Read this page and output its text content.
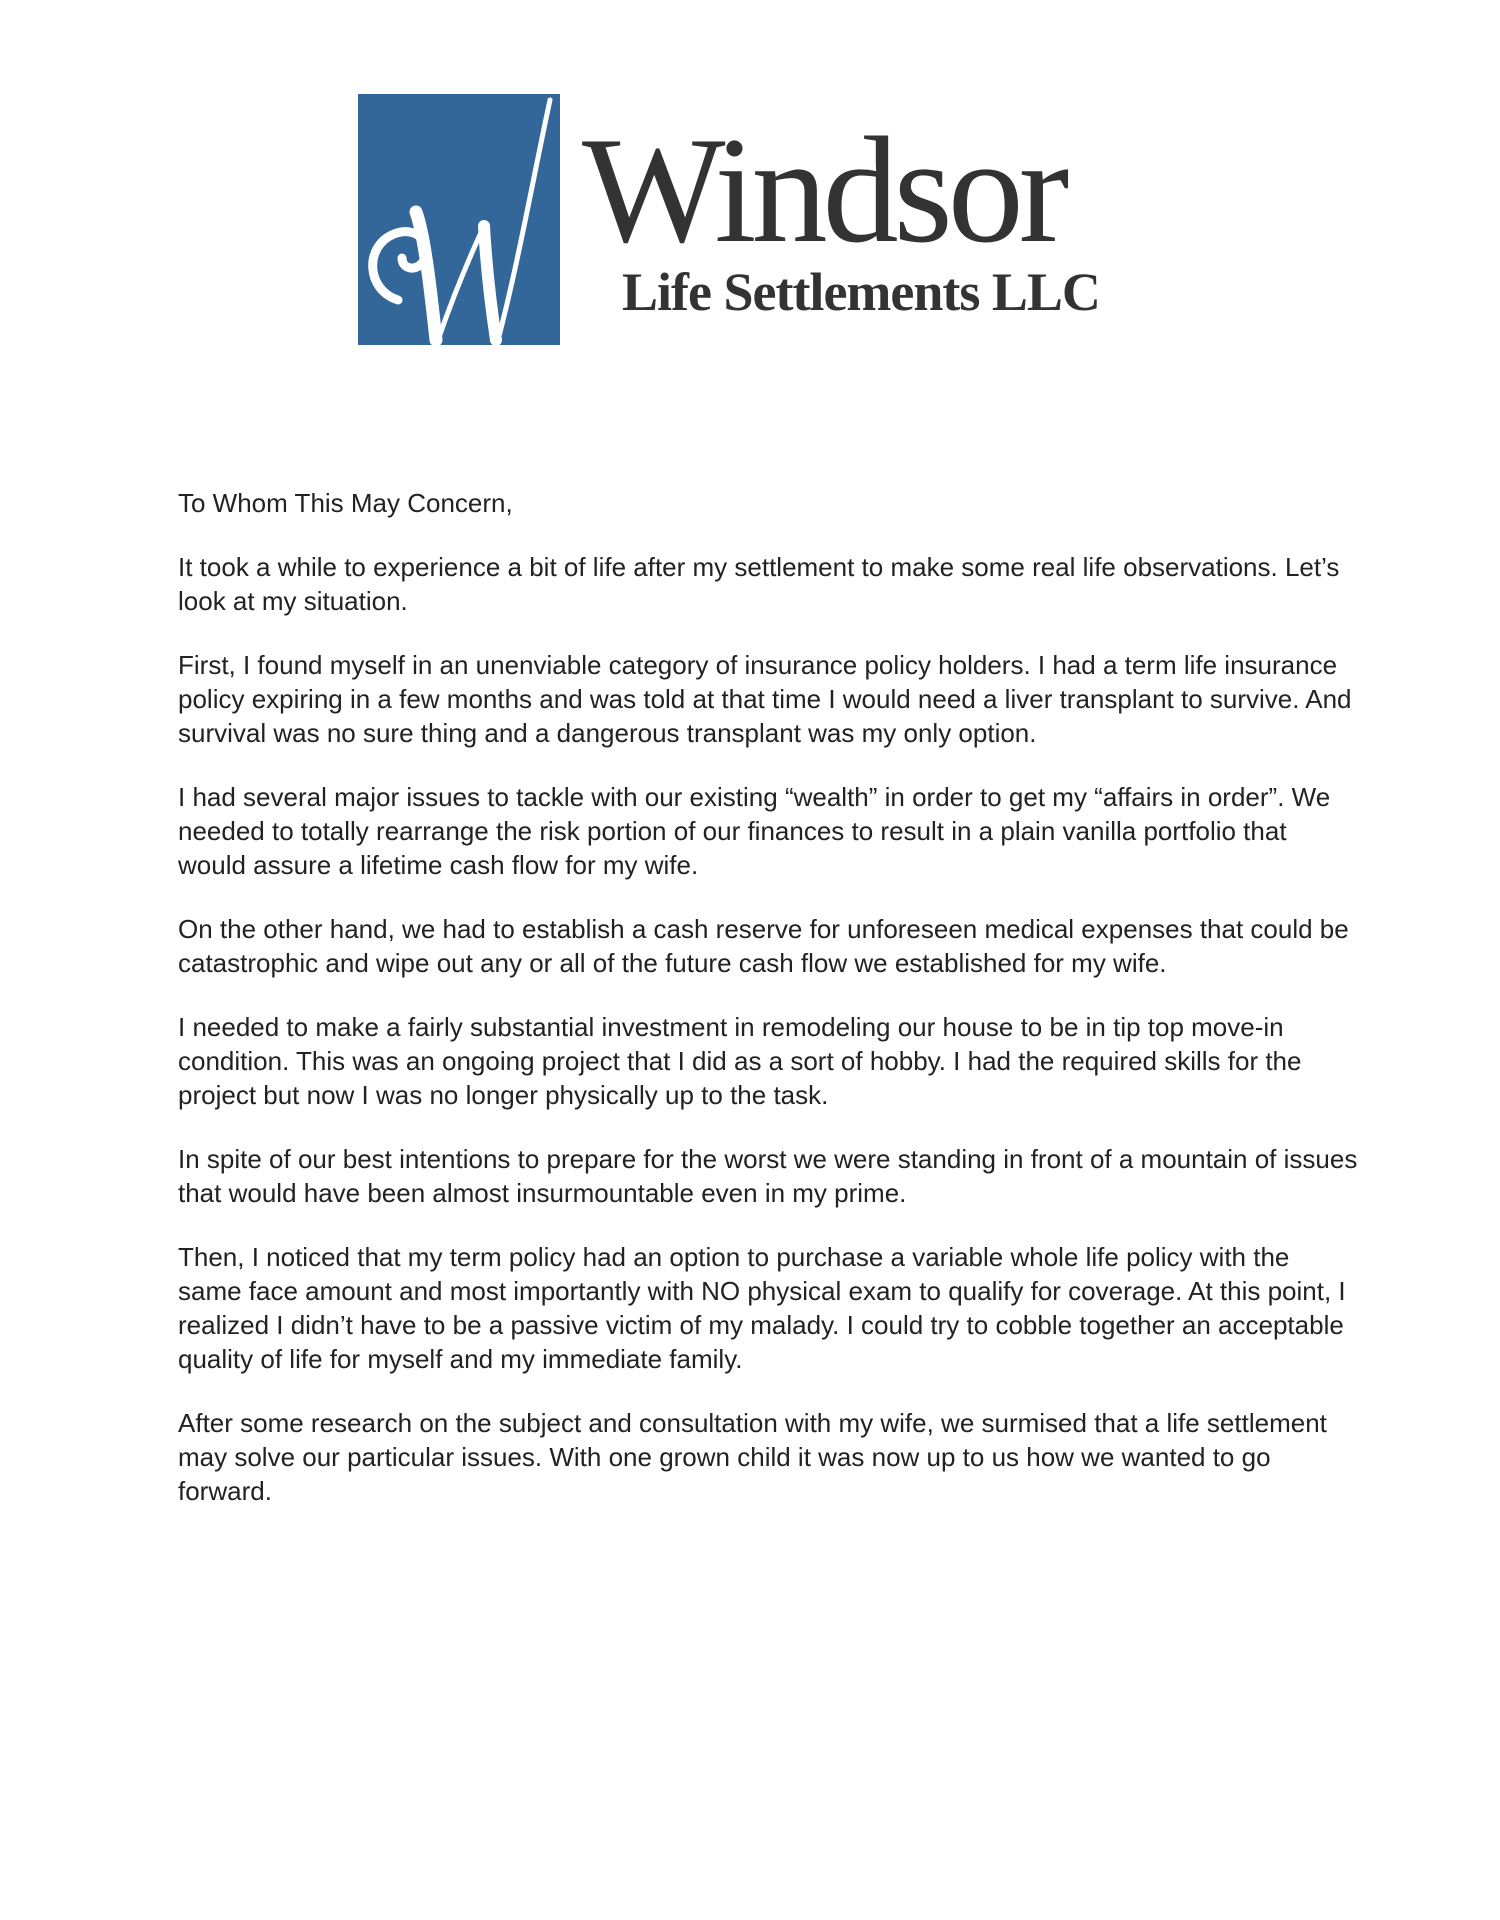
Windsor
Life Settlements LLC
To Whom This May Concern,

It took a while to experience a bit of life after my settlement to make some real life observations. Let’s look at my situation.

First, I found myself in an unenviable category of insurance policy holders. I had a term life insurance policy expiring in a few months and was told at that time I would need a liver transplant to survive. And survival was no sure thing and a dangerous transplant was my only option.

I had several major issues to tackle with our existing “wealth” in order to get my “affairs in order”. We needed to totally rearrange the risk portion of our finances to result in a plain vanilla portfolio that would assure a lifetime cash flow for my wife.

On the other hand, we had to establish a cash reserve for unforeseen medical expenses that could be catastrophic and wipe out any or all of the future cash flow we established for my wife.

I needed to make a fairly substantial investment in remodeling our house to be in tip top move-in condition. This was an ongoing project that I did as a sort of hobby. I had the required skills for the project but now I was no longer physically up to the task.

In spite of our best intentions to prepare for the worst we were standing in front of a mountain of issues that would have been almost insurmountable even in my prime.

Then, I noticed that my term policy had an option to purchase a variable whole life policy with the same face amount and most importantly with NO physical exam to qualify for coverage. At this point, I realized I didn’t have to be a passive victim of my malady. I could try to cobble together an acceptable quality of life for myself and my immediate family.

After some research on the subject and consultation with my wife, we surmised that a life settlement may solve our particular issues. With one grown child it was now up to us how we wanted to go forward.
